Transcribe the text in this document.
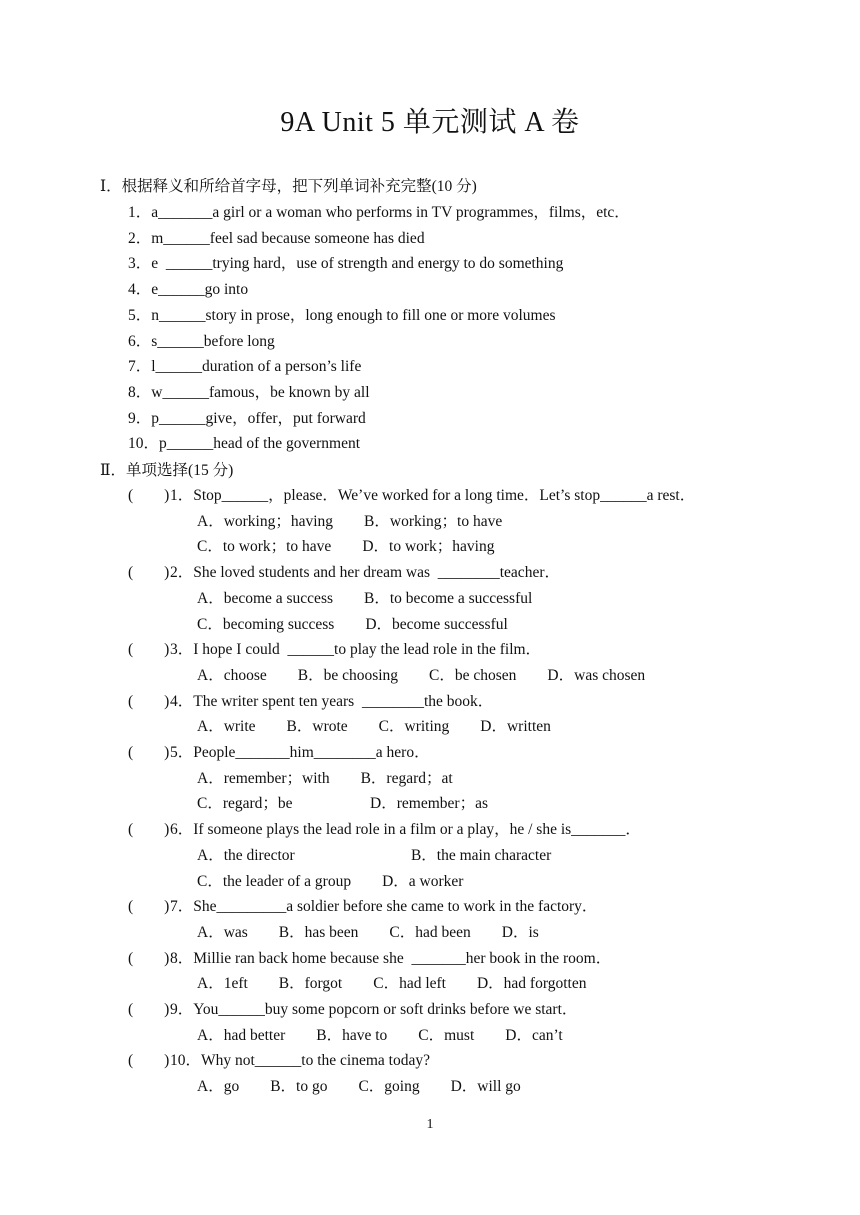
9A Unit 5 单元测试 A 卷
Ⅰ．根据释义和所给首字母，把下列单词补充完整(10 分)
1．a_______a girl or a woman who performs in TV programmes，films，etc．
2．m______feel sad because someone has died
3．e  ______trying hard，use of strength and energy to do something
4．e______go into
5．n______story in prose，long enough to fill one or more volumes
6．s______before long
7．l______duration of a person’s life
8．w______famous，be known by all
9．p______give，offer，put forward
10．p______head of the government
Ⅱ．单项选择(15 分)
(        )1．Stop______，please．We’ve worked for a long time．Let’s stop______a rest．
A．working；having        B．working；to have
C．to work；to have        D．to work；having
(        )2．She loved students and her dream was  ________teacher．
A．become a success        B．to become a successful
C．becoming success        D．become successful
(        )3．I hope I could  ______to play the lead role in the film．
A．choose        B．be choosing        C．be chosen        D．was chosen
(        )4．The writer spent ten years  ________the book．
A．write        B．wrote        C．writing        D．written
(        )5．People_______him________a hero．
A．remember；with        B．regard；at
C．regard；be                    D．remember；as
(        )6．If someone plays the lead role in a film or a play，he / she is_______．
A．the director                              B．the main character
C．the leader of a group        D．a worker
(        )7．She_________a soldier before she came to work in the factory．
A．was        B．has been        C．had been        D．is
(        )8．Millie ran back home because she  _______her book in the room．
A．1eft        B．forgot        C．had left        D．had forgotten
(        )9．You______buy some popcorn or soft drinks before we start．
A．had better        B．have to        C．must        D．can’t
(        )10．Why not______to the cinema today?
A．go        B．to go        C．going        D．will go
1
